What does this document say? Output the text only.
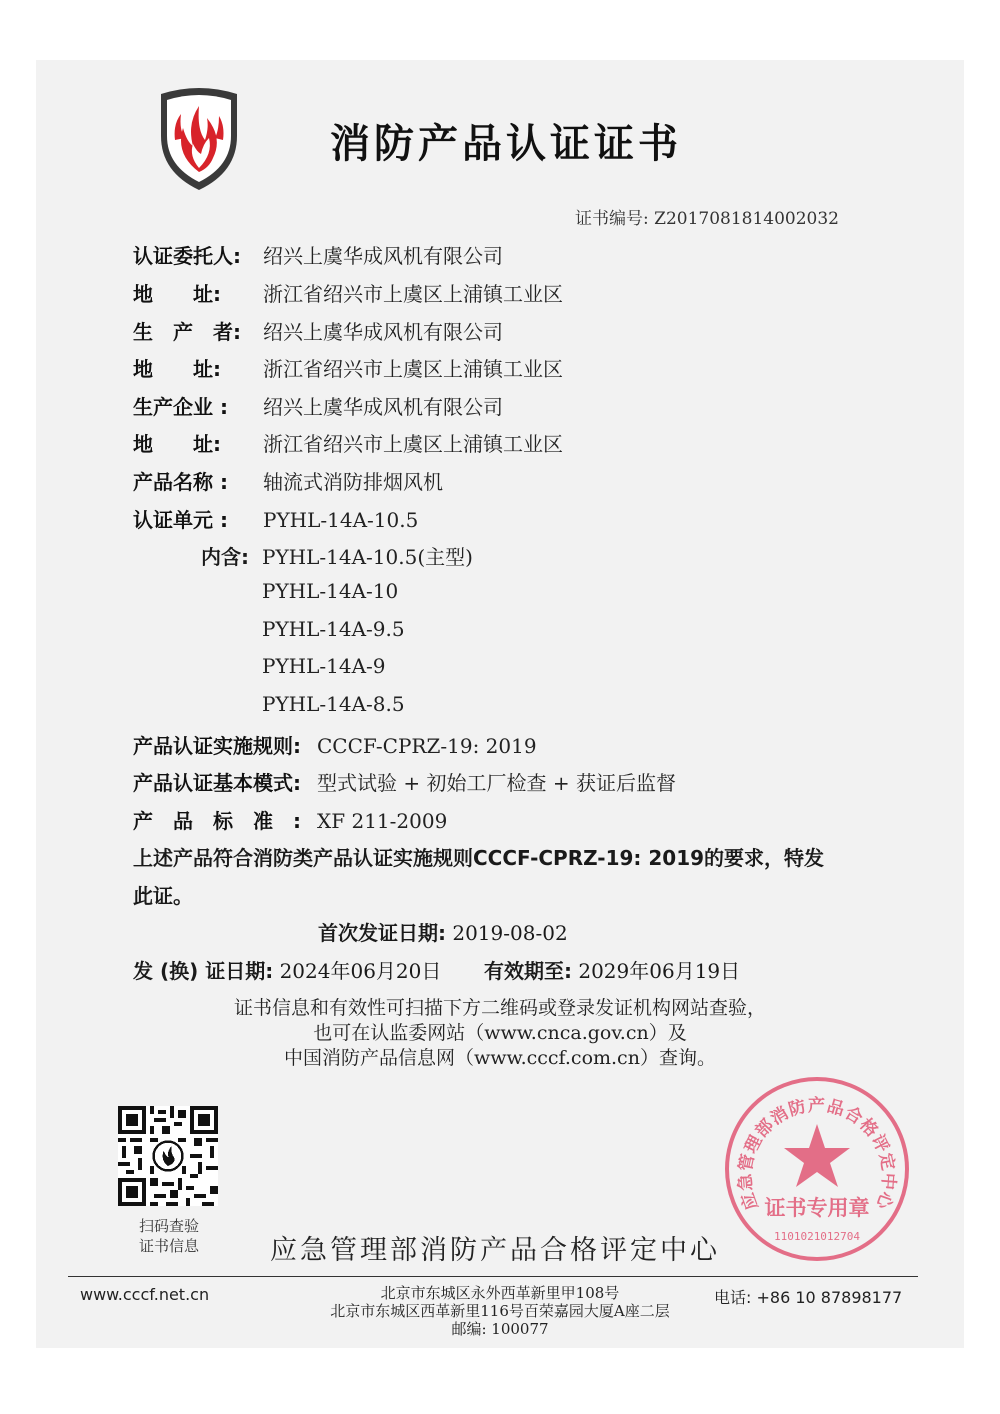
消防产品认证证书
证书编号: Z2017081814002032
认证委托人: 绍兴上虞华成风机有限公司
地　　址: 浙江省绍兴市上虞区上浦镇工业区
生　产　者: 绍兴上虞华成风机有限公司
地　　址: 浙江省绍兴市上虞区上浦镇工业区
生产企业 : 绍兴上虞华成风机有限公司
地　　址: 浙江省绍兴市上虞区上浦镇工业区
产品名称 : 轴流式消防排烟风机
认证单元 : PYHL-14A-10.5
内含: PYHL-14A-10.5(主型)
PYHL-14A-10
PYHL-14A-9.5
PYHL-14A-9
PYHL-14A-8.5
产品认证实施规则: CCCF-CPRZ-19: 2019
产品认证基本模式: 型式试验 + 初始工厂检查 + 获证后监督
产　品　标　准　: XF 211-2009
上述产品符合消防类产品认证实施规则CCCF-CPRZ-19: 2019的要求，特发
此证。
首次发证日期: 2019-08-02
发 (换) 证日期: 2024年06月20日 有效期至: 2029年06月19日
证书信息和有效性可扫描下方二维码或登录发证机构网站查验，
也可在认监委网站（www.cnca.gov.cn）及
中国消防产品信息网（www.cccf.com.cn）查询。
扫码查验
证书信息	应急管理部消防产品合格评定中心
应急管理部消防产品合格评定中心
证书专用章
1101021012704
www.cccf.net.cn	北京市东城区永外西革新里甲108号
北京市东城区西革新里116号百荣嘉园大厦A座二层
邮编: 100077
电话: +86 10 87898177
